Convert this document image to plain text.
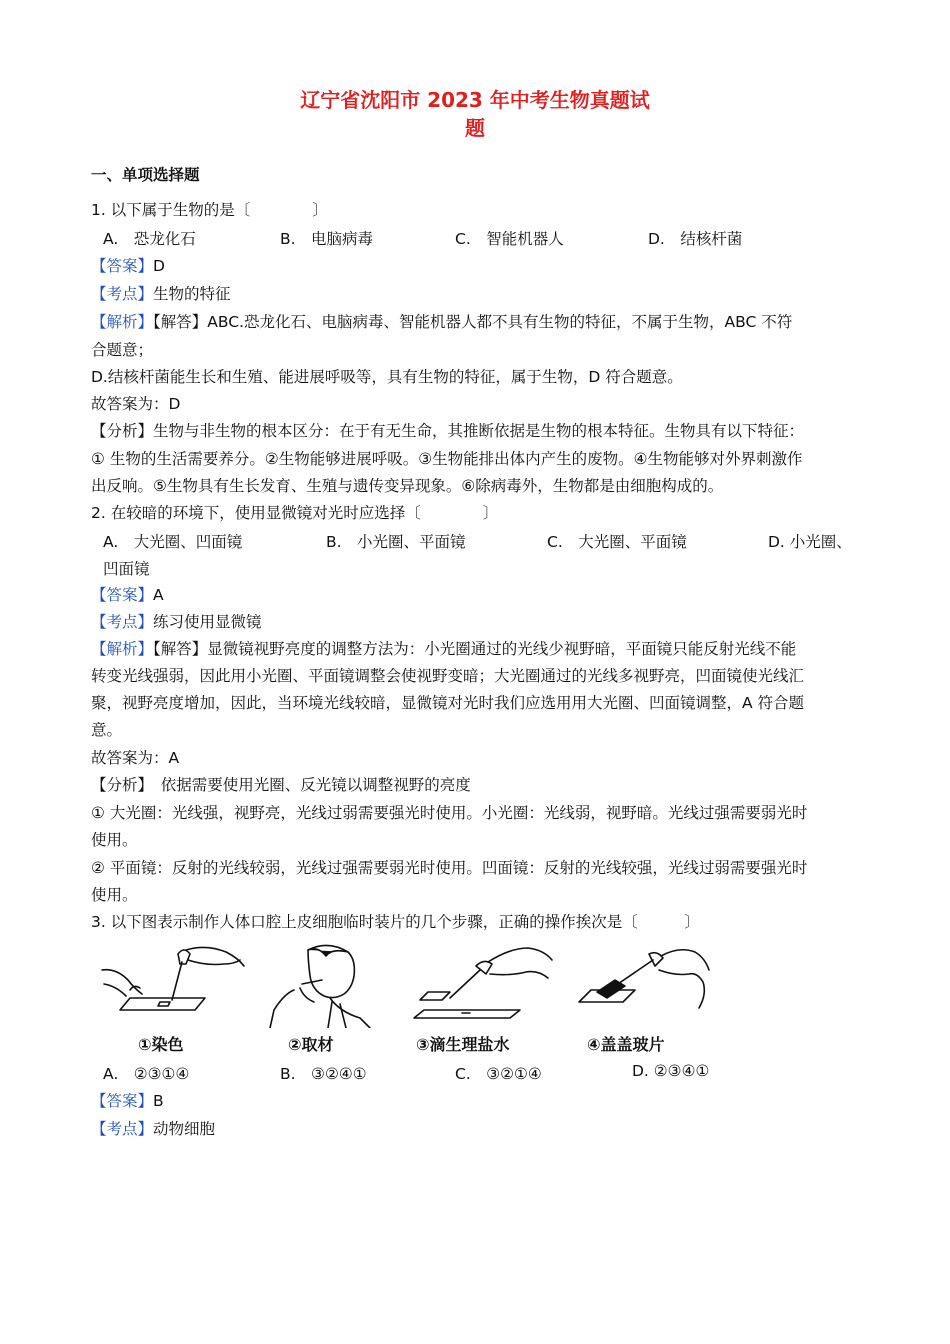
辽宁省沈阳市 2023 年中考生物真题试
题
一、单项选择题
1. 以下属于生物的是〔　　　　〕
A.　恐龙化石	B.　电脑病毒	C.　智能机器人	D.　结核杆菌
【答案】D
【考点】生物的特征
【解析】【解答】ABC.恐龙化石、电脑病毒、智能机器人都不具有生物的特征，不属于生物，ABC 不符
合题意；
D.结核杆菌能生长和生殖、能进展呼吸等，具有生物的特征，属于生物，D 符合题意。
故答案为：D
【分析】生物与非生物的根本区分：在于有无生命，其推断依据是生物的根本特征。生物具有以下特征：
① 生物的生活需要养分。②生物能够进展呼吸。③生物能排出体内产生的废物。④生物能够对外界刺激作
出反响。⑤生物具有生长发育、生殖与遗传变异现象。⑥除病毒外，生物都是由细胞构成的。
2. 在较暗的环境下，使用显微镜对光时应选择〔　　　　〕
A.　大光圈、凹面镜	B.　小光圈、平面镜	C.　大光圈、平面镜	D. 小光圈、
凹面镜
【答案】A
【考点】练习使用显微镜
【解析】【解答】显微镜视野亮度的调整方法为：小光圈通过的光线少视野暗，平面镜只能反射光线不能
转变光线强弱，因此用小光圈、平面镜调整会使视野变暗；大光圈通过的光线多视野亮，凹面镜使光线汇
聚，视野亮度增加，因此，当环境光线较暗，显微镜对光时我们应选用用大光圈、凹面镜调整，A 符合题
意。
故答案为：A
【分析】　依据需要使用光圈、反光镜以调整视野的亮度
① 大光圈：光线强，视野亮，光线过弱需要强光时使用。小光圈：光线弱，视野暗。光线过强需要弱光时
使用。
② 平面镜：反射的光线较弱，光线过强需要弱光时使用。凹面镜：反射的光线较强，光线过弱需要强光时
使用。
3. 以下图表示制作人体口腔上皮细胞临时装片的几个步骤，正确的操作挨次是〔　　　〕
①染色	②取材	③滴生理盐水	④盖盖玻片
A.　②③①④	B.　③②④①	C.　③②①④	D. ②③④①
【答案】B
【考点】动物细胞
